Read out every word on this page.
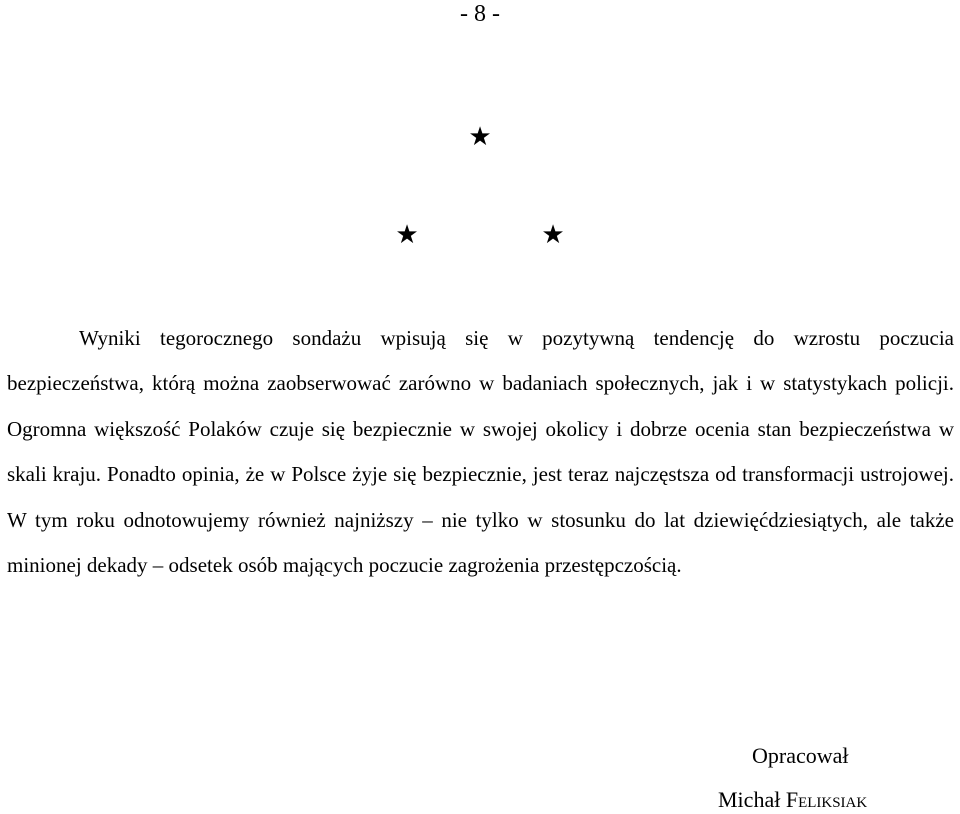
- 8 -
★
★	★

Wyniki tegorocznego sondażu wpisują się w pozytywną tendencję do wzrostu poczucia bezpieczeństwa, którą można zaobserwować zarówno w badaniach społecznych, jak i w statystykach policji. Ogromna większość Polaków czuje się bezpiecznie w swojej okolicy i dobrze ocenia stan bezpieczeństwa w skali kraju. Ponadto opinia, że w Polsce żyje się bezpiecznie, jest teraz najczęstsza od transformacji ustrojowej. W tym roku odnotowujemy również najniższy – nie tylko w stosunku do lat dziewięćdziesiątych, ale także minionej dekady – odsetek osób mających poczucie zagrożenia przestępczością.

Opracował
Michał Feliksiak
